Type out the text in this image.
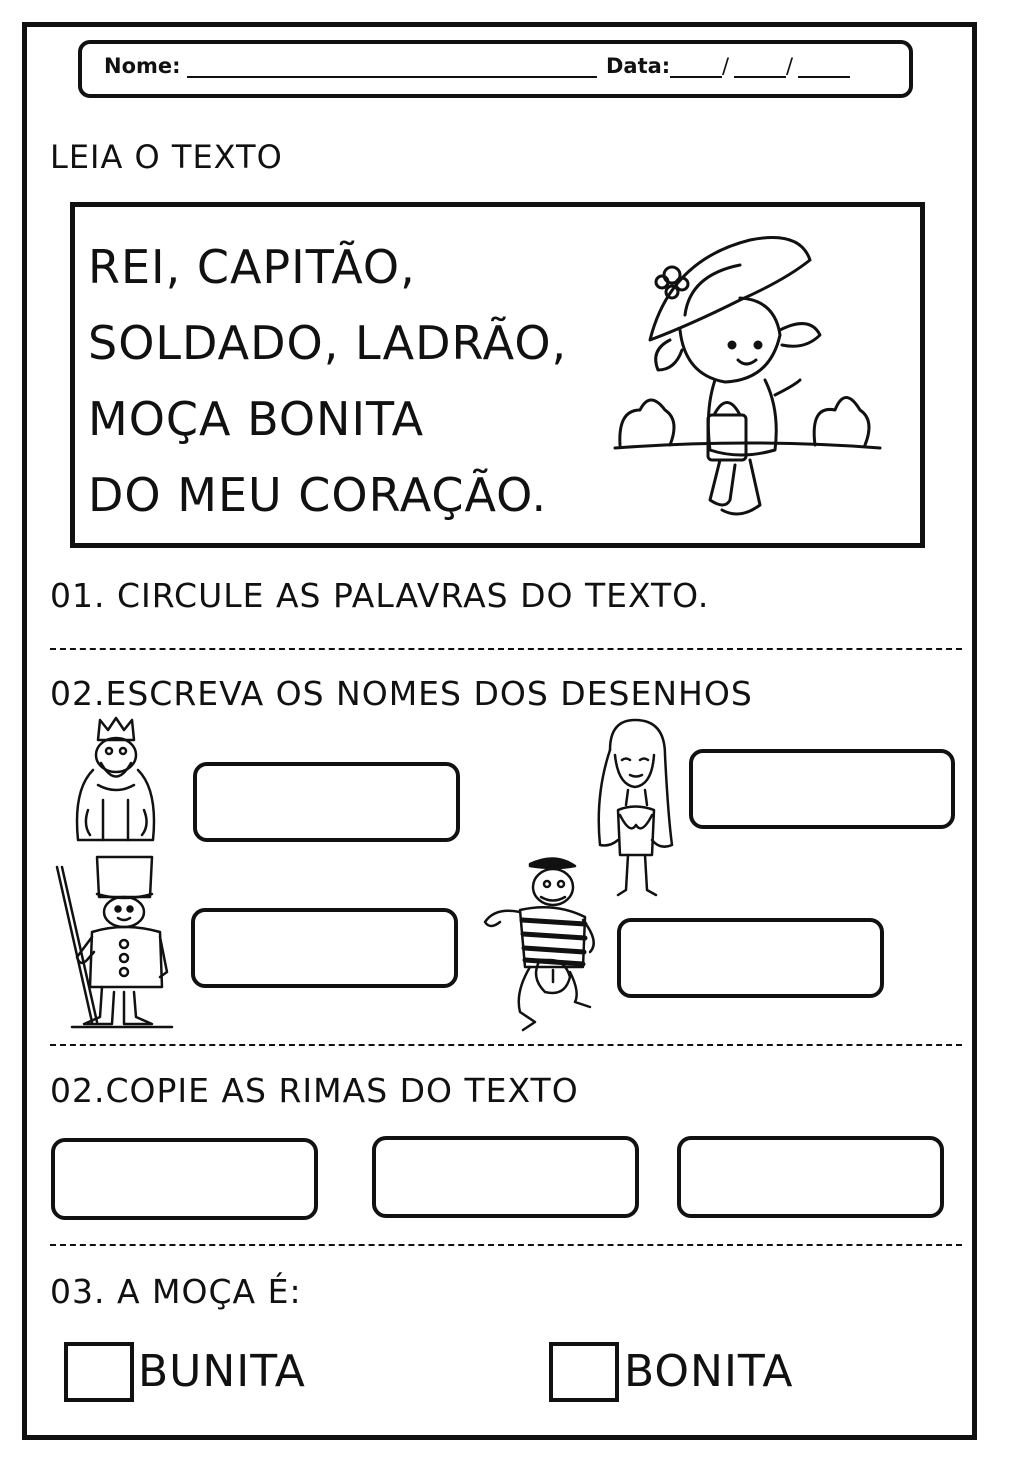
Nome:	Data: /	/
LEIA O TEXTO
REI, CAPITÃO,
SOLDADO, LADRÃO,
MOÇA BONITA
DO MEU CORAÇÃO.
01. CIRCULE AS PALAVRAS DO TEXTO.
02.ESCREVA OS NOMES DOS DESENHOS
02.COPIE AS RIMAS DO TEXTO
03. A MOÇA É:
BUNITA	BONITA
